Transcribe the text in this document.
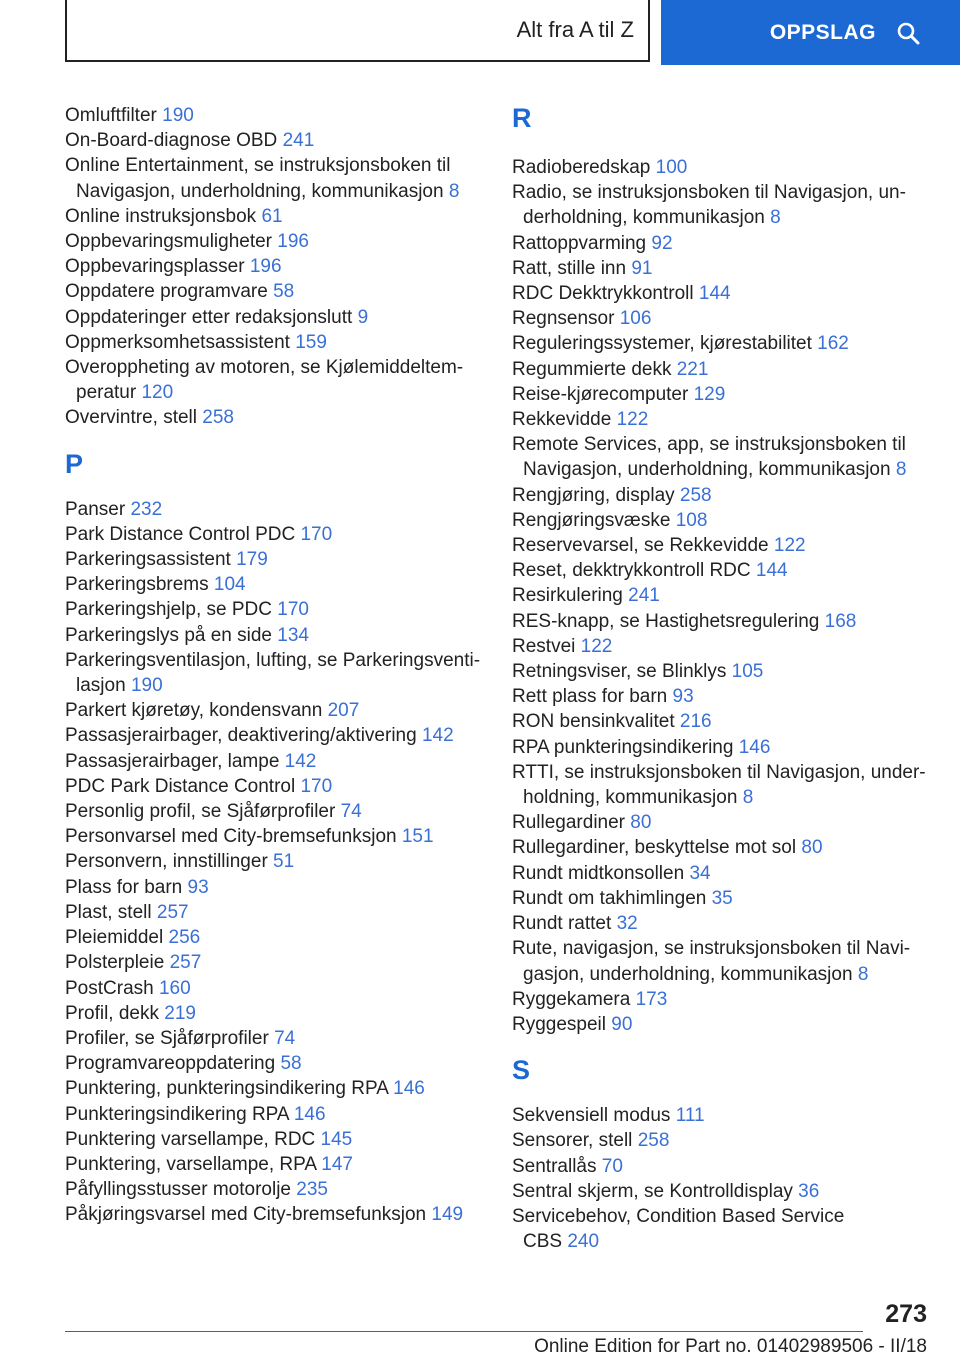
Alt fra A til Z	OPPSLAG
Omluftfilter 190
On-Board-diagnose OBD 241
Online Entertainment, se instruksjonsboken til
Navigasjon, underholdning, kommunikasjon 8
Online instruksjonsbok 61
Oppbevaringsmuligheter 196
Oppbevaringsplasser 196
Oppdatere programvare 58
Oppdateringer etter redaksjonslutt 9
Oppmerksomhetsassistent 159
Overoppheting av motoren, se Kjølemiddeltem-
peratur 120
Overvintre, stell 258
P
Panser 232
Park Distance Control PDC 170
Parkeringsassistent 179
Parkeringsbrems 104
Parkeringshjelp, se PDC 170
Parkeringslys på en side 134
Parkeringsventilasjon, lufting, se Parkeringsventi-
lasjon 190
Parkert kjøretøy, kondensvann 207
Passasjerairbager, deaktivering/aktivering 142
Passasjerairbager, lampe 142
PDC Park Distance Control 170
Personlig profil, se Sjåførprofiler 74
Personvarsel med City-bremsefunksjon 151
Personvern, innstillinger 51
Plass for barn 93
Plast, stell 257
Pleiemiddel 256
Polsterpleie 257
PostCrash 160
Profil, dekk 219
Profiler, se Sjåførprofiler 74
Programvareoppdatering 58
Punktering, punkteringsindikering RPA 146
Punkteringsindikering RPA 146
Punktering varsellampe, RDC 145
Punktering, varsellampe, RPA 147
Påfyllingsstusser motorolje 235
Påkjøringsvarsel med City-bremsefunksjon 149
R
Radioberedskap 100
Radio, se instruksjonsboken til Navigasjon, un-
derholdning, kommunikasjon 8
Rattoppvarming 92
Ratt, stille inn 91
RDC Dekktrykkontroll 144
Regnsensor 106
Reguleringssystemer, kjørestabilitet 162
Regummierte dekk 221
Reise-kjørecomputer 129
Rekkevidde 122
Remote Services, app, se instruksjonsboken til
Navigasjon, underholdning, kommunikasjon 8
Rengjøring, display 258
Rengjøringsvæske 108
Reservevarsel, se Rekkevidde 122
Reset, dekktrykkontroll RDC 144
Resirkulering 241
RES-knapp, se Hastighetsregulering 168
Restvei 122
Retningsviser, se Blinklys 105
Rett plass for barn 93
RON bensinkvalitet 216
RPA punkteringsindikering 146
RTTI, se instruksjonsboken til Navigasjon, under-
holdning, kommunikasjon 8
Rullegardiner 80
Rullegardiner, beskyttelse mot sol 80
Rundt midtkonsollen 34
Rundt om takhimlingen 35
Rundt rattet 32
Rute, navigasjon, se instruksjonsboken til Navi-
gasjon, underholdning, kommunikasjon 8
Ryggekamera 173
Ryggespeil 90
S
Sekvensiell modus 111
Sensorer, stell 258
Sentrallås 70
Sentral skjerm, se Kontrolldisplay 36
Servicebehov, Condition Based Service
CBS 240
273
Online Edition for Part no. 01402989506 - II/18
